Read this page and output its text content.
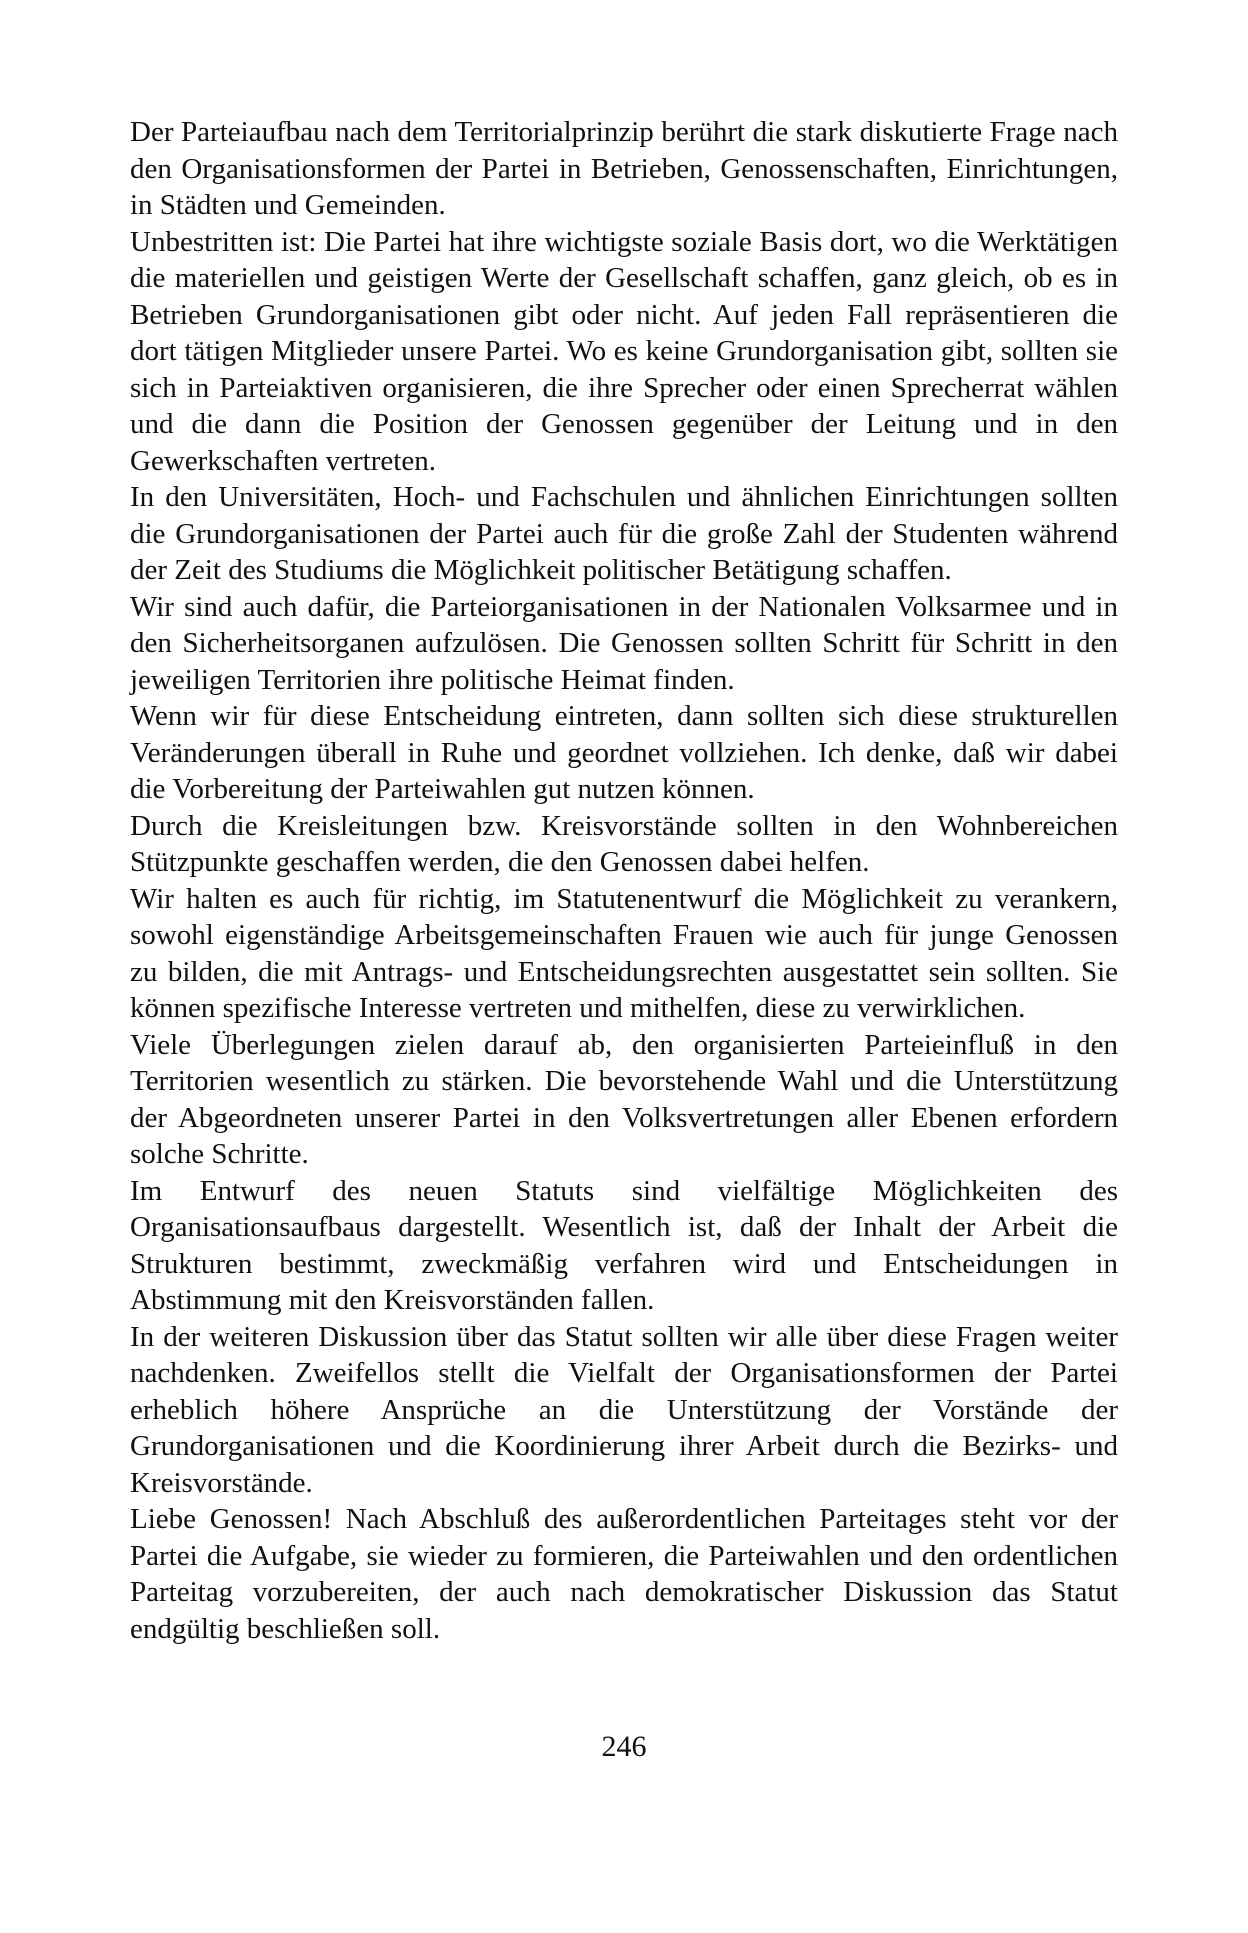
Der Parteiaufbau nach dem Territorialprinzip berührt die stark diskutierte Frage nach den Organisationsformen der Partei in Betrieben, Genossenschaften, Einrichtungen, in Städten und Gemeinden.

Unbestritten ist: Die Partei hat ihre wichtigste soziale Basis dort, wo die Werktätigen die materiellen und geistigen Werte der Gesellschaft schaffen, ganz gleich, ob es in Betrieben Grundorganisationen gibt oder nicht. Auf jeden Fall repräsentieren die dort tätigen Mitglieder unsere Partei. Wo es keine Grundorganisation gibt, sollten sie sich in Parteiaktiven organisieren, die ihre Sprecher oder einen Sprecherrat wählen und die dann die Position der Genossen gegenüber der Leitung und in den Gewerkschaften vertreten.

In den Universitäten, Hoch- und Fachschulen und ähnlichen Einrichtungen sollten die Grundorganisationen der Partei auch für die große Zahl der Studenten während der Zeit des Studiums die Möglichkeit politischer Betätigung schaffen.

Wir sind auch dafür, die Parteiorganisationen in der Nationalen Volksarmee und in den Sicherheitsorganen aufzulösen. Die Genossen sollten Schritt für Schritt in den jeweiligen Territorien ihre politische Heimat finden.

Wenn wir für diese Entscheidung eintreten, dann sollten sich diese strukturellen Veränderungen überall in Ruhe und geordnet vollziehen. Ich denke, daß wir dabei die Vorbereitung der Parteiwahlen gut nutzen können.

Durch die Kreisleitungen bzw. Kreisvorstände sollten in den Wohnbereichen Stützpunkte geschaffen werden, die den Genossen dabei helfen.

Wir halten es auch für richtig, im Statutenentwurf die Möglichkeit zu verankern, sowohl eigenständige Arbeitsgemeinschaften Frauen wie auch für junge Genossen zu bilden, die mit Antrags- und Entscheidungsrechten ausgestattet sein sollten. Sie können spezifische Interesse vertreten und mithelfen, diese zu verwirklichen.

Viele Überlegungen zielen darauf ab, den organisierten Parteieinfluß in den Territorien wesentlich zu stärken. Die bevorstehende Wahl und die Unterstützung der Abgeordneten unserer Partei in den Volksvertretungen aller Ebenen erfordern solche Schritte.

Im Entwurf des neuen Statuts sind vielfältige Möglichkeiten des Organisationsaufbaus dargestellt. Wesentlich ist, daß der Inhalt der Arbeit die Strukturen bestimmt, zweckmäßig verfahren wird und Entscheidungen in Abstimmung mit den Kreisvorständen fallen.

In der weiteren Diskussion über das Statut sollten wir alle über diese Fragen weiter nachdenken. Zweifellos stellt die Vielfalt der Organisationsformen der Partei erheblich höhere Ansprüche an die Unterstützung der Vorstände der Grundorganisationen und die Koordinierung ihrer Arbeit durch die Bezirks- und Kreisvorstände.

Liebe Genossen! Nach Abschluß des außerordentlichen Parteitages steht vor der Partei die Aufgabe, sie wieder zu formieren, die Parteiwahlen und den ordentlichen Parteitag vorzubereiten, der auch nach demokratischer Diskussion das Statut endgültig beschließen soll.

246
